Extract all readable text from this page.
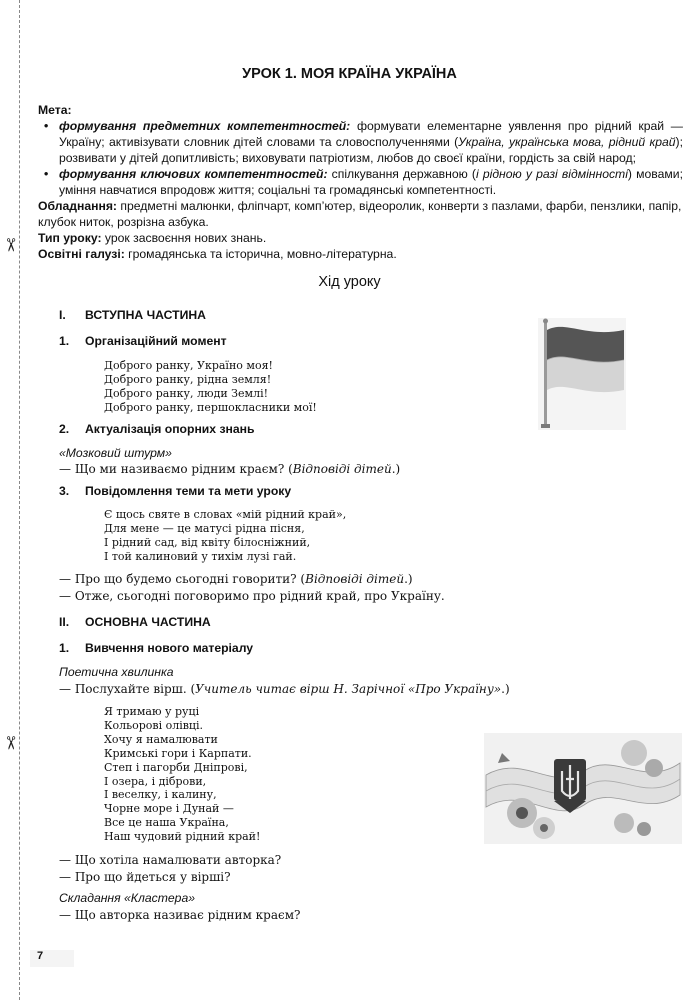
✂
✂
УРОК 1. МОЯ КРАЇНА УКРАЇНА

Мета:

• формування предметних компетентностей: формувати елементарне уявлення про рідний край — Україну; активізувати словник дітей словами та словосполученнями (Україна, українська мова, рідний край); розвивати у дітей допитливість; виховувати патріотизм, любов до своєї країни, гордість за свій народ;

• формування ключових компетентностей: спілкування державною (і рідною у разі відмінності) мовами; уміння навчатися впродовж життя; соціальні та громадянські компетентності.

Обладнання: предметні малюнки, фліпчарт, комп’ютер, відеоролик, конверти з пазлами, фарби, пензлики, папір, клубок ниток, розрізна азбука.

Тип уроку: урок засвоєння нових знань.

Освітні галузі: громадянська та історична, мовно-літературна.

Хід уроку
I. ВСТУПНА ЧАСТИНА
1. Організаційний момент
Доброго ранку, Україно моя!
Доброго ранку, рідна земля!
Доброго ранку, люди Землі!
Доброго ранку, першокласники мої!
2. Актуалізація опорних знань
«Мозковий штурм»
— Що ми називаємо рідним краєм? (Відповіді дітей.)
3. Повідомлення теми та мети уроку
Є щось святе в словах «мій рідний край»,
Для мене — це матусі рідна пісня,
І рідний сад, від квіту білосніжний,
І той калиновий у тихім лузі гай.
— Про що будемо сьогодні говорити? (Відповіді дітей.)
— Отже, сьогодні поговоримо про рідний край, про Україну.
II. ОСНОВНА ЧАСТИНА
1. Вивчення нового матеріалу
Поетична хвилинка
— Послухайте вірш. (Учитель читає вірш Н. Зарічної «Про Україну».)
Я тримаю у руці
Кольорові олівці.
Хочу я намалювати
Кримські гори і Карпати.
Степ і пагорби Дніпрові,
І озера, і діброви,
І веселку, і калину,
Чорне море і Дунай —
Все це наша Україна,
Наш чудовий рідний край!
— Що хотіла намалювати авторка?
— Про що йдеться у вірші?
Складання «Кластера»
— Що авторка називає рідним краєм?
7
